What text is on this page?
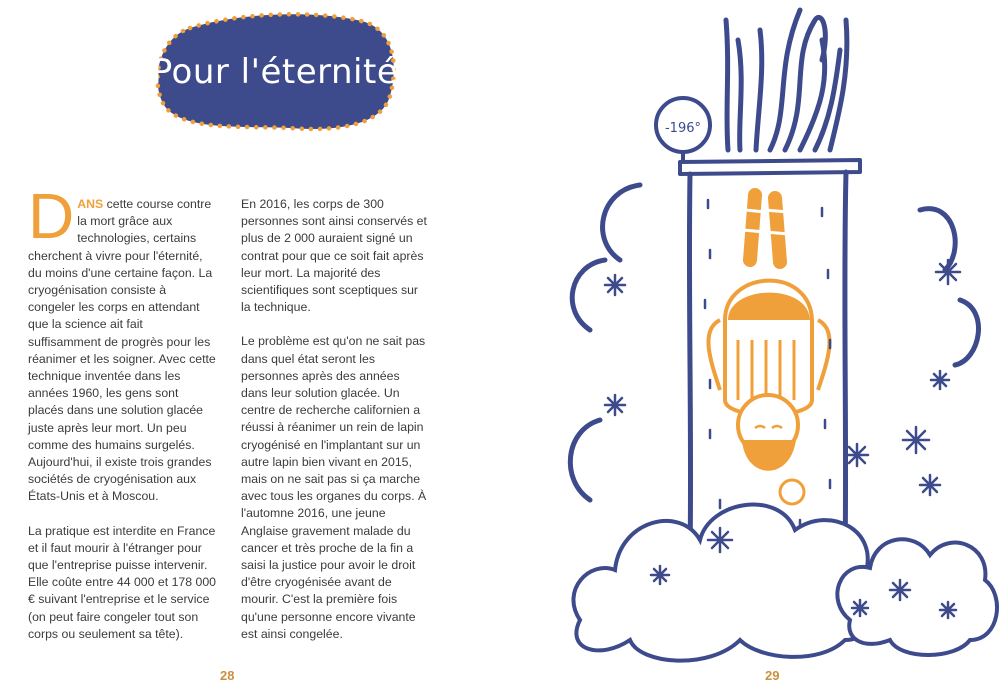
Pour l'éternité

D ANS cette course contre la mort grâce aux technologies, certains cherchent à vivre pour l'éternité, du moins d'une certaine façon. La cryogénisation consiste à congeler les corps en attendant que la science ait fait suffisamment de progrès pour les réanimer et les soigner. Avec cette technique inventée dans les années 1960, les gens sont placés dans une solution glacée juste après leur mort. Un peu comme des humains surgelés. Aujourd'hui, il existe trois grandes sociétés de cryogénisation aux États-Unis et à Moscou.

La pratique est interdite en France et il faut mourir à l'étranger pour que l'entreprise puisse intervenir. Elle coûte entre 44 000 et 178 000 € suivant l'entreprise et le service (on peut faire congeler tout son corps ou seulement sa tête).

En 2016, les corps de 300 personnes sont ainsi conservés et plus de 2 000 auraient signé un contrat pour que ce soit fait après leur mort. La majorité des scientifiques sont sceptiques sur la technique.

Le problème est qu'on ne sait pas dans quel état seront les personnes après des années dans leur solution glacée. Un centre de recherche californien a réussi à réanimer un rein de lapin cryogénisé en l'implantant sur un autre lapin bien vivant en 2015, mais on ne sait pas si ça marche avec tous les organes du corps. À l'automne 2016, une jeune Anglaise gravement malade du cancer et très proche de la fin a saisi la justice pour avoir le droit d'être cryogénisée avant de mourir. C'est la première fois qu'une personne encore vivante est ainsi congelée.

28	29
-196°
